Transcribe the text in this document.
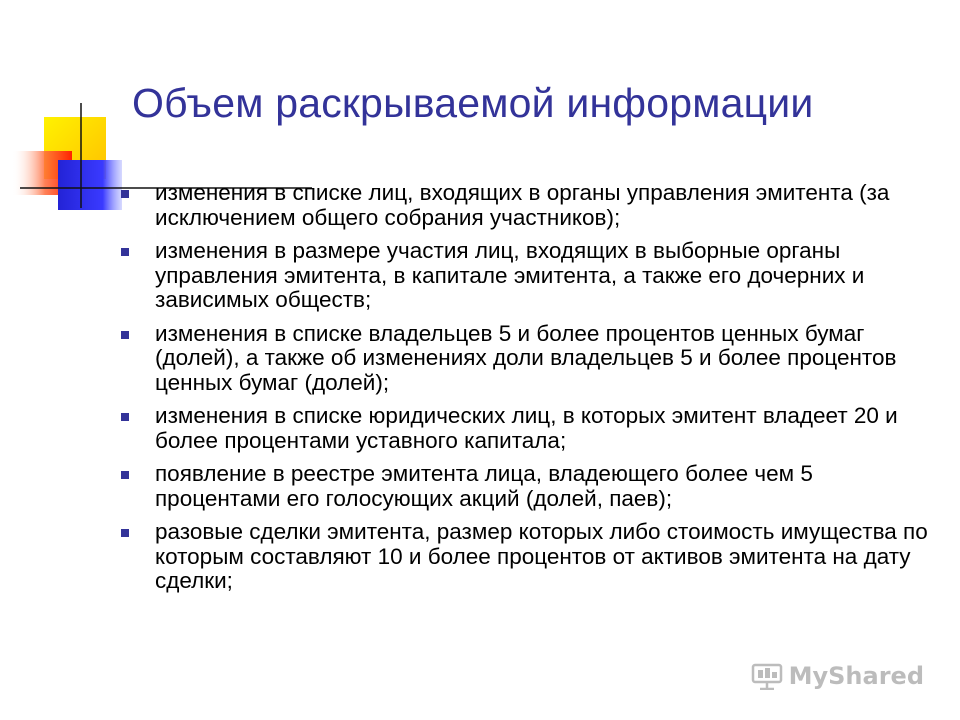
Объем раскрываемой информации
изменения в списке лиц, входящих в органы управления эмитента (за исключением общего собрания участников);
изменения в размере участия лиц, входящих в выборные органы управления эмитента, в капитале эмитента, а также его дочерних и зависимых обществ;
изменения в списке владельцев 5 и более процентов ценных бумаг (долей), а также об изменениях доли владельцев 5 и более процентов ценных бумаг (долей);
изменения в списке юридических лиц, в которых эмитент владеет 20 и более процентами уставного капитала;
появление в реестре эмитента лица, владеющего более чем 5 процентами его голосующих акций (долей, паев);
разовые сделки эмитента, размер которых либо стоимость имущества по которым составляют 10 и более процентов от активов эмитента на дату сделки;
MyShared
